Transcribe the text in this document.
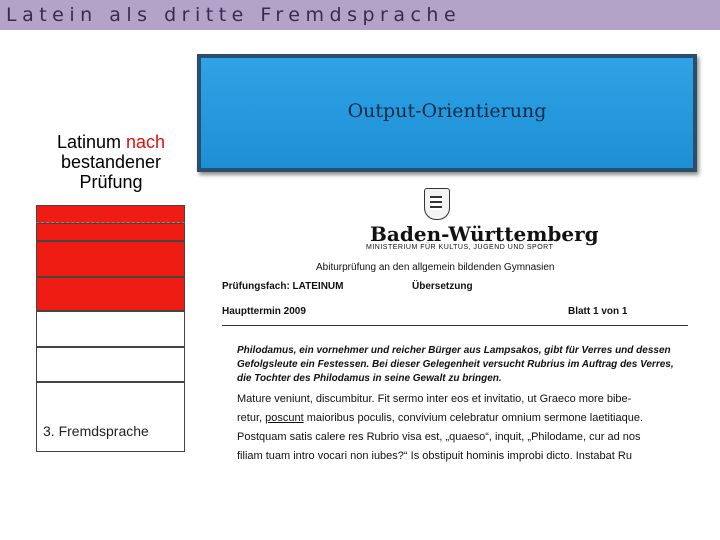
Latein als dritte Fremdsprache
Output-Orientierung
Latinum nach
bestandener Prüfung
3. Fremdsprache
Baden-Württemberg
MINISTERIUM FÜR KULTUS, JUGEND UND SPORT
Abiturprüfung an den allgemein bildenden Gymnasien
Prüfungsfach: LATEINUM	Übersetzung
Haupttermin 2009	Blatt 1 von 1
Philodamus, ein vornehmer und reicher Bürger aus Lampsakos, gibt für Verres und dessen Gefolgsleute ein Festessen. Bei dieser Gelegenheit versucht Rubrius im Auftrag des Verres, die Tochter des Philodamus in seine Gewalt zu bringen.
Mature veniunt, discumbitur. Fit sermo inter eos et invitatio, ut Graeco more bibe-
retur, poscunt maioribus poculis, convivium celebratur omnium sermone laetitiaque.
Postquam satis calere res Rubrio visa est, „quaeso“, inquit, „Philodame, cur ad nos
filiam tuam intro vocari non iubes?“ Is obstipuit hominis improbi dicto. Instabat Ru
